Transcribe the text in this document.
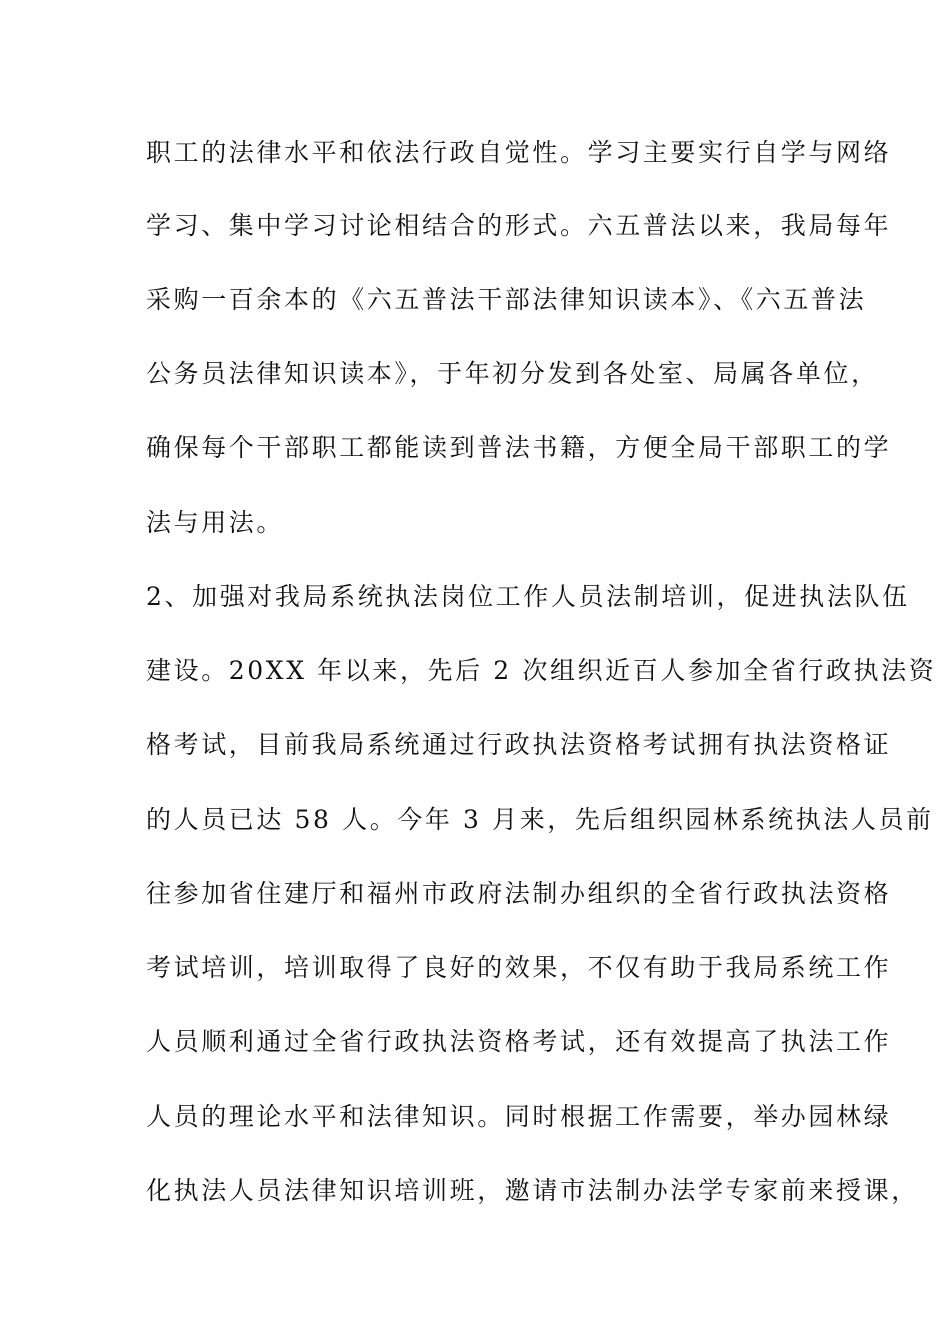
职工的法律水平和依法行政自觉性。学习主要实行自学与网络
学习、集中学习讨论相结合的形式。六五普法以来，我局每年
采购一百余本的《六五普法干部法律知识读本》、《六五普法
公务员法律知识读本》，于年初分发到各处室、局属各单位，
确保每个干部职工都能读到普法书籍，方便全局干部职工的学
法与用法。
2、加强对我局系统执法岗位工作人员法制培训，促进执法队伍
建设。20XX 年以来，先后 2 次组织近百人参加全省行政执法资
格考试，目前我局系统通过行政执法资格考试拥有执法资格证
的人员已达 58 人。今年 3 月来，先后组织园林系统执法人员前
往参加省住建厅和福州市政府法制办组织的全省行政执法资格
考试培训，培训取得了良好的效果，不仅有助于我局系统工作
人员顺利通过全省行政执法资格考试，还有效提高了执法工作
人员的理论水平和法律知识。同时根据工作需要，举办园林绿
化执法人员法律知识培训班，邀请市法制办法学专家前来授课，
